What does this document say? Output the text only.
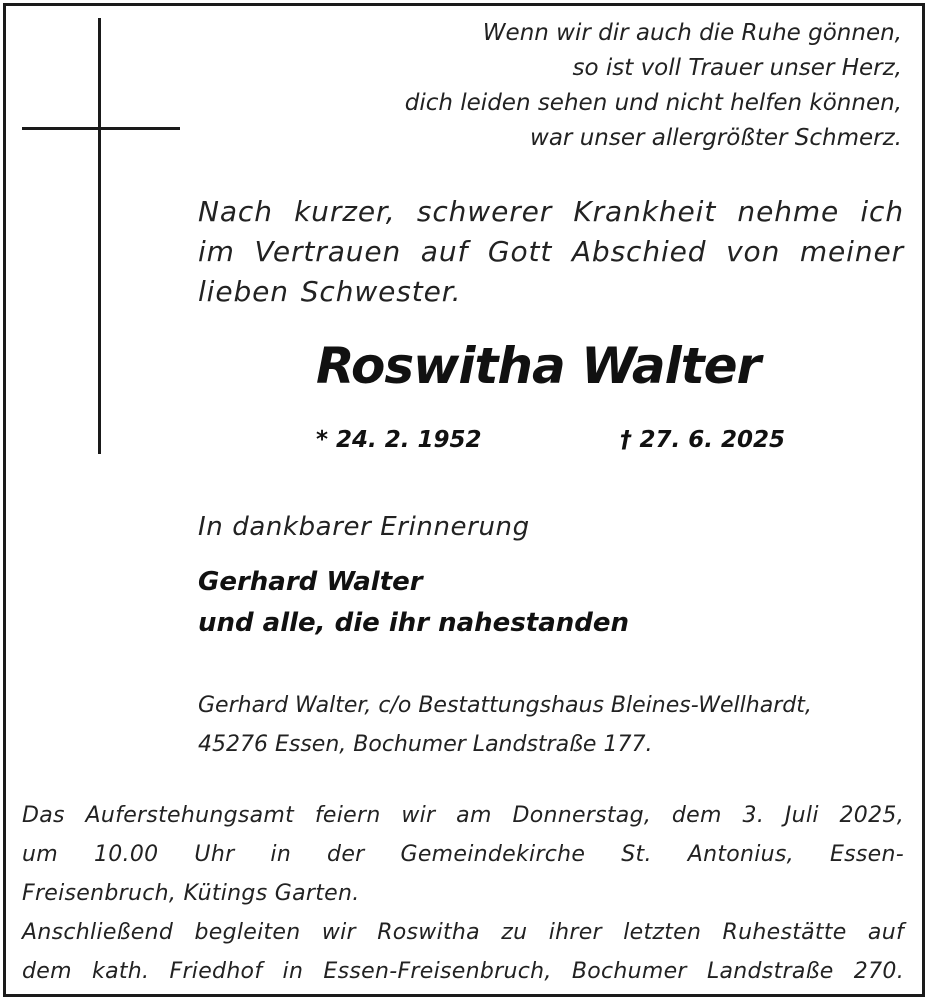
Wenn wir dir auch die Ruhe gönnen,
so ist voll Trauer unser Herz,
dich leiden sehen und nicht helfen können,
war unser allergrößter Schmerz.
Nach kurzer, schwerer Krankheit nehme ich im Vertrauen auf Gott Abschied von meiner lieben Schwester.
Roswitha Walter
* 24. 2. 1952	† 27. 6. 2025
In dankbarer Erinnerung
Gerhard Walter
und alle, die ihr nahestanden
Gerhard Walter, c/o Bestattungshaus Bleines-Wellhardt,
45276 Essen, Bochumer Landstraße 177.
Das Auferstehungsamt feiern wir am Donnerstag, dem 3. Juli 2025,
um 10.00 Uhr in der Gemeindekirche St. Antonius, Essen-
Freisenbruch, Kütings Garten.
Anschließend begleiten wir Roswitha zu ihrer letzten Ruhestätte auf
dem kath. Friedhof in Essen-Freisenbruch, Bochumer Landstraße 270.
